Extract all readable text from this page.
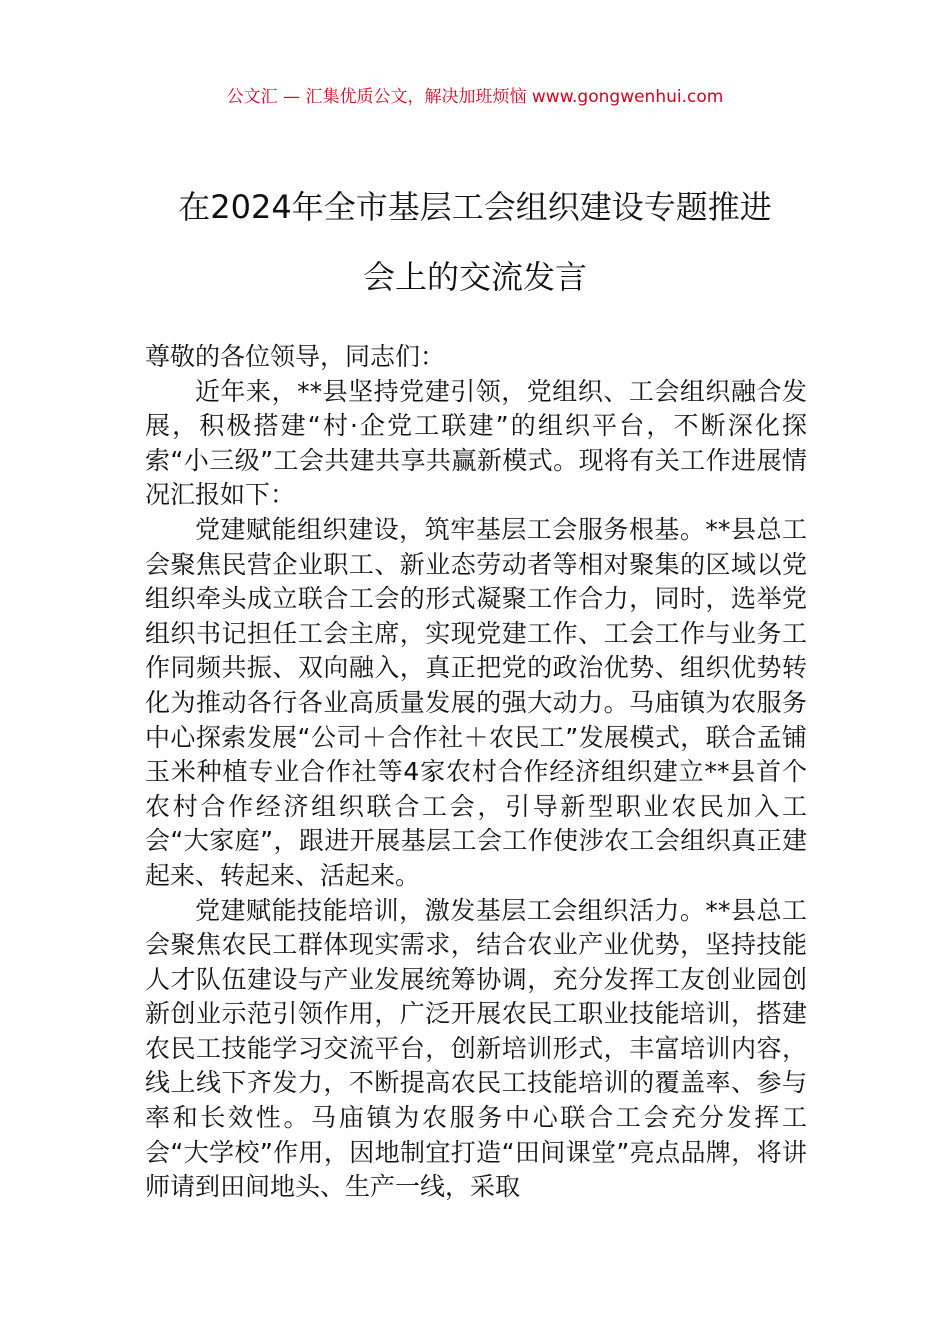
公文汇 — 汇集优质公文，解决加班烦恼 www.gongwenhui.com
在2024年全市基层工会组织建设专题推进
会上的交流发言

尊敬的各位领导，同志们：

近年来，**县坚持党建引领，党组织、工会组织融合发展，积极搭建“村·企党工联建”的组织平台，不断深化探索“小三级”工会共建共享共赢新模式。现将有关工作进展情况汇报如下：

党建赋能组织建设，筑牢基层工会服务根基。**县总工会聚焦民营企业职工、新业态劳动者等相对聚集的区域以党组织牵头成立联合工会的形式凝聚工作合力，同时，选举党组织书记担任工会主席，实现党建工作、工会工作与业务工作同频共振、双向融入，真正把党的政治优势、组织优势转化为推动各行各业高质量发展的强大动力。马庙镇为农服务中心探索发展“公司＋合作社＋农民工”发展模式，联合孟铺玉米种植专业合作社等4家农村合作经济组织建立**县首个农村合作经济组织联合工会，引导新型职业农民加入工会“大家庭”，跟进开展基层工会工作使涉农工会组织真正建起来、转起来、活起来。

党建赋能技能培训，激发基层工会组织活力。**县总工会聚焦农民工群体现实需求，结合农业产业优势，坚持技能人才队伍建设与产业发展统筹协调，充分发挥工友创业园创新创业示范引领作用，广泛开展农民工职业技能培训，搭建农民工技能学习交流平台，创新培训形式，丰富培训内容，线上线下齐发力，不断提高农民工技能培训的覆盖率、参与率和长效性。马庙镇为农服务中心联合工会充分发挥工会“大学校”作用，因地制宜打造“田间课堂”亮点品牌，将讲师请到田间地头、生产一线，采取
